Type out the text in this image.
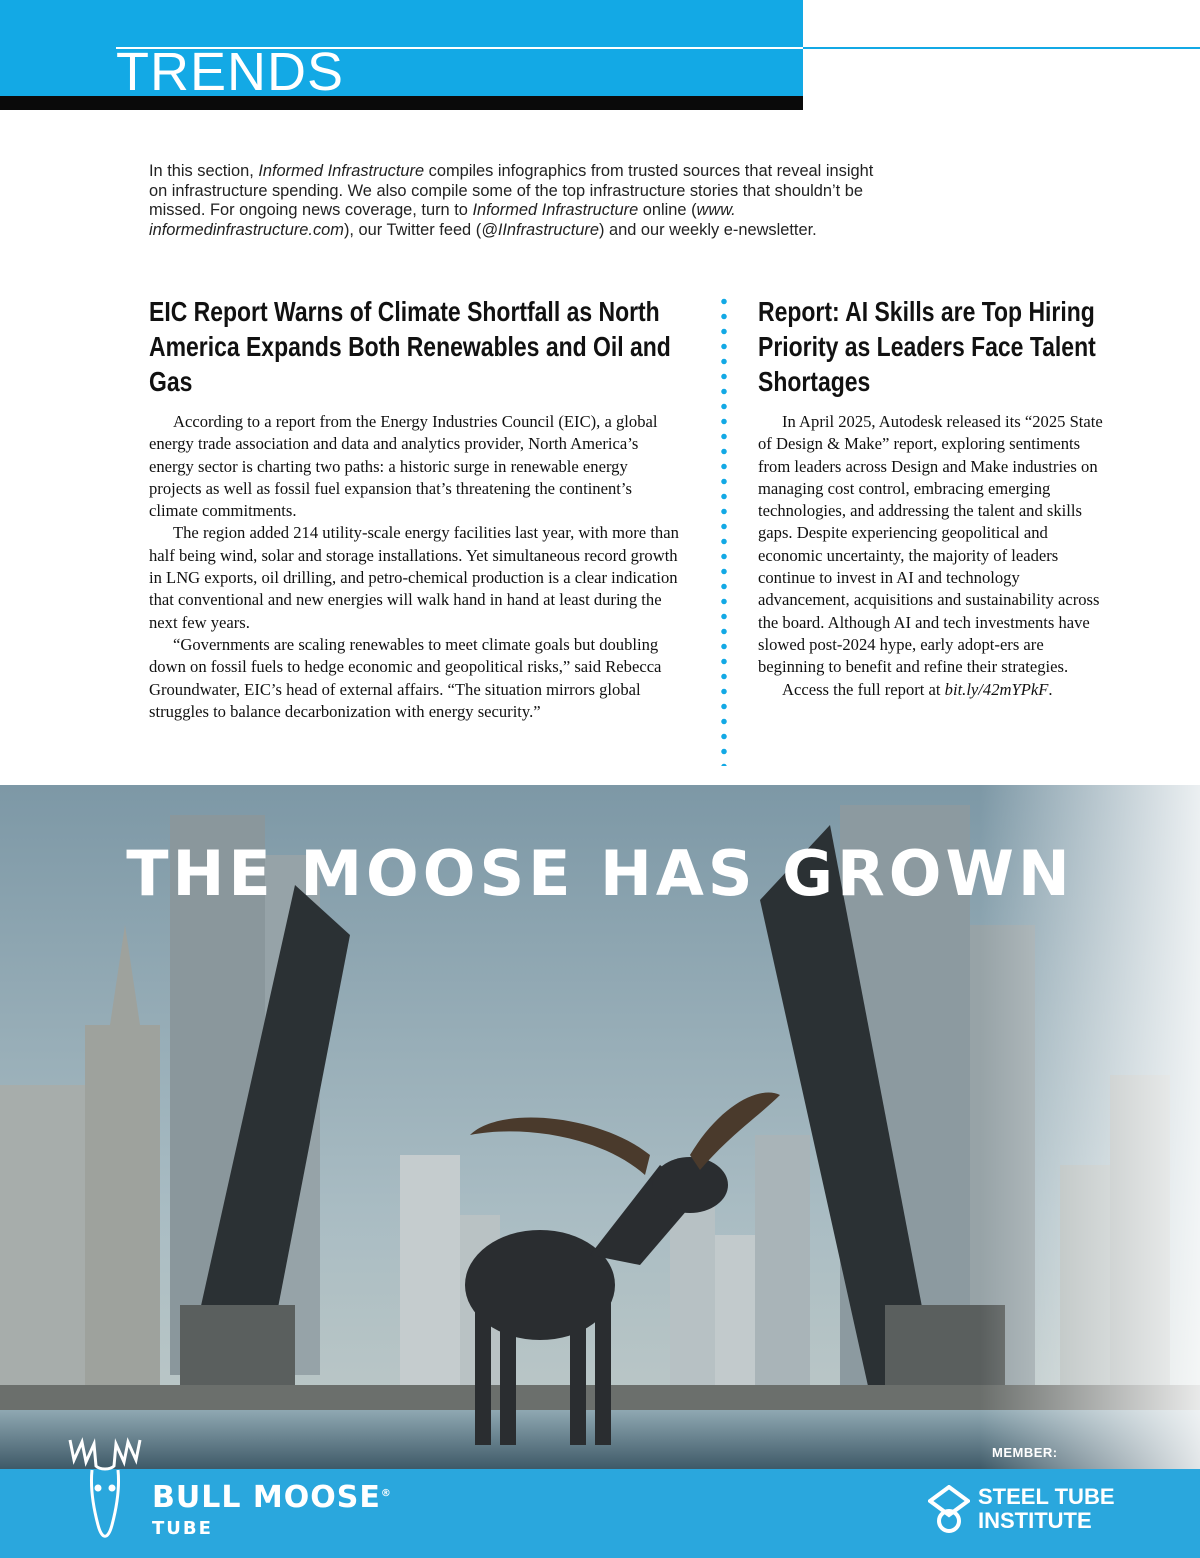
TRENDS

In this section, Informed Infrastructure compiles infographics from trusted sources that reveal insight on infrastructure spending. We also compile some of the top infrastructure stories that shouldn’t be missed. For ongoing news coverage, turn to Informed Infrastructure online (www. informedinfrastructure.com), our Twitter feed (@IInfrastructure) and our weekly e-newsletter.

EIC Report Warns of Climate Shortfall as North America Expands Both Renewables and Oil and Gas

According to a report from the Energy Industries Council (EIC), a global energy trade association and data and analytics provider, North America’s energy sector is charting two paths: a historic surge in renewable energy projects as well as fossil fuel expansion that’s threatening the continent’s climate commitments.

The region added 214 utility-scale energy facilities last year, with more than half being wind, solar and storage installations. Yet simultaneous record growth in LNG exports, oil drilling, and petro-chemical production is a clear indication that conventional and new energies will walk hand in hand at least during the next few years.

“Governments are scaling renewables to meet climate goals but doubling down on fossil fuels to hedge economic and geopolitical risks,” said Rebecca Groundwater, EIC’s head of external affairs. “The situation mirrors global struggles to balance decarbonization with energy security.”

Report: AI Skills are Top Hiring Priority as Leaders Face Talent Shortages

In April 2025, Autodesk released its “2025 State of Design & Make” report, exploring sentiments from leaders across Design and Make industries on managing cost control, embracing emerging technologies, and addressing the talent and skills gaps. Despite experiencing geopolitical and economic uncertainty, the majority of leaders continue to invest in AI and technology advancement, acquisitions and sustainability across the board. Although AI and tech investments have slowed post-2024 hype, early adopt-ers are beginning to benefit and refine their strategies.

Access the full report at bit.ly/42mYPkF.

THE MOOSE HAS GROWN

BULL MOOSE®

TUBE

MEMBER:

STEEL TUBE
INSTITUTE
